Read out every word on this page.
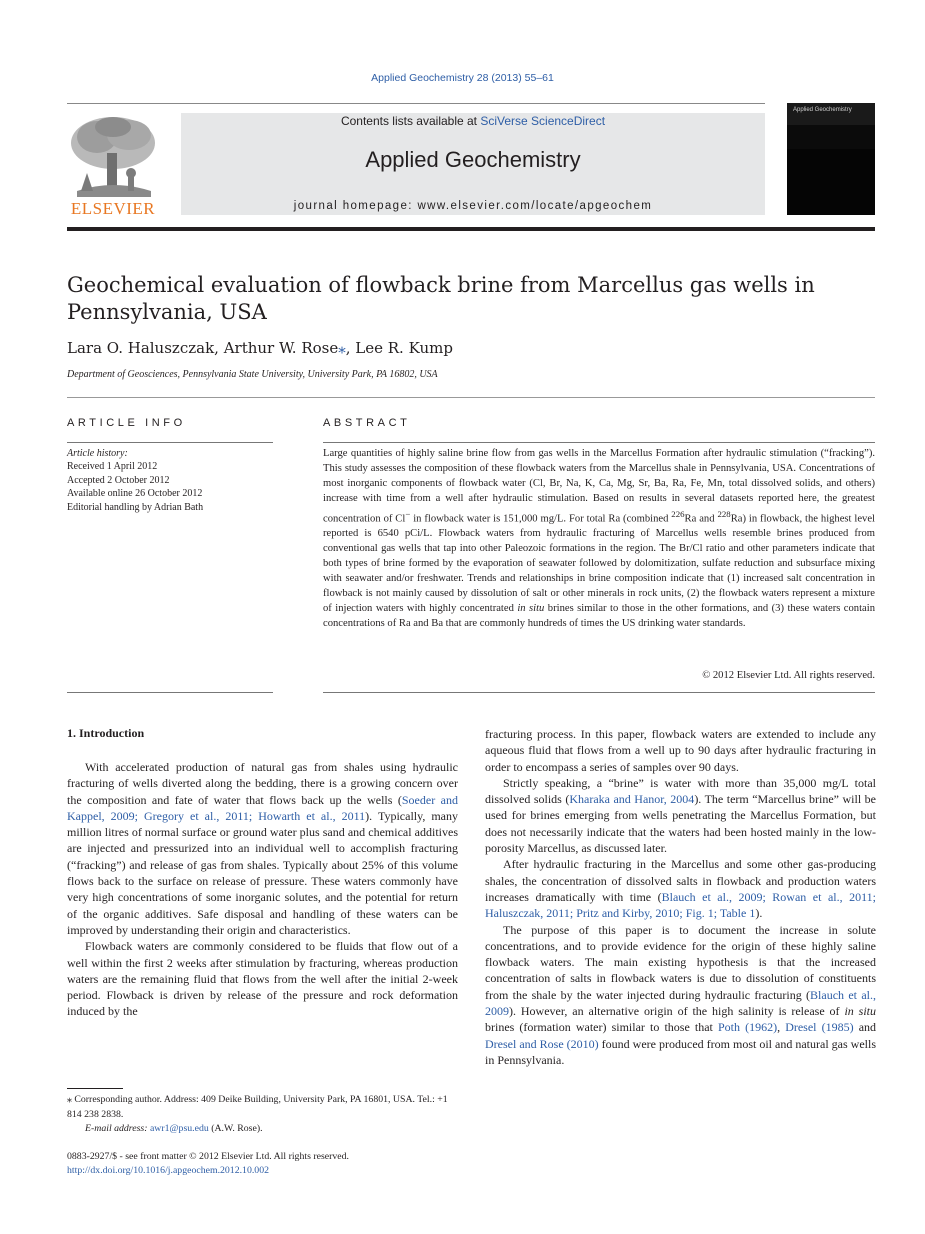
Applied Geochemistry 28 (2013) 55–61
ELSEVIER
Contents lists available at SciVerse ScienceDirect
Applied Geochemistry
journal homepage: www.elsevier.com/locate/apgeochem
Applied Geochemistry
Geochemical evaluation of flowback brine from Marcellus gas wells in Pennsylvania, USA
Lara O. Haluszczak, Arthur W. Rose⁎, Lee R. Kump
Department of Geosciences, Pennsylvania State University, University Park, PA 16802, USA
ARTICLE INFO	ABSTRACT
Article history:
Received 1 April 2012
Accepted 2 October 2012
Available online 26 October 2012
Editorial handling by Adrian Bath

Large quantities of highly saline brine flow from gas wells in the Marcellus Formation after hydraulic stimulation (“fracking”). This study assesses the composition of these flowback waters from the Marcellus shale in Pennsylvania, USA. Concentrations of most inorganic components of flowback water (Cl, Br, Na, K, Ca, Mg, Sr, Ba, Ra, Fe, Mn, total dissolved solids, and others) increase with time from a well after hydraulic stimulation. Based on results in several datasets reported here, the greatest concentration of Cl− in flowback water is 151,000 mg/L. For total Ra (combined $^{226}$Ra and $^{228}$Ra) in flowback, the highest level reported is 6540 pCi/L. Flowback waters from hydraulic fracturing of Marcellus wells resemble brines produced from conventional gas wells that tap into other Paleozoic formations in the region. The Br/Cl ratio and other parameters indicate that both types of brine formed by the evaporation of seawater followed by dolomitization, sulfate reduction and subsurface mixing with seawater and/or freshwater. Trends and relationships in brine composition indicate that (1) increased salt concentration in flowback is not mainly caused by dissolution of salt or other minerals in rock units, (2) the flowback waters represent a mixture of injection waters with highly concentrated in situ brines similar to those in the other formations, and (3) these waters contain concentrations of Ra and Ba that are commonly hundreds of times the US drinking water standards.

© 2012 Elsevier Ltd. All rights reserved.
1. Introduction

With accelerated production of natural gas from shales using hydraulic fracturing of wells diverted along the bedding, there is a growing concern over the composition and fate of water that flows back up the wells (Soeder and Kappel, 2009; Gregory et al., 2011; Howarth et al., 2011). Typically, many million litres of normal surface or ground water plus sand and chemical additives are injected and pressurized into an individual well to accomplish fracturing (“fracking”) and release of gas from shales. Typically about 25% of this volume flows back to the surface on release of pressure. These waters commonly have very high concentrations of some inorganic solutes, and the potential for return of the organic additives. Safe disposal and handling of these waters can be improved by understanding their origin and characteristics.

Flowback waters are commonly considered to be fluids that flow out of a well within the first 2 weeks after stimulation by fracturing, whereas production waters are the remaining fluid that flows from the well after the initial 2-week period. Flowback is driven by release of the pressure and rock deformation induced by the

fracturing process. In this paper, flowback waters are extended to include any aqueous fluid that flows from a well up to 90 days after hydraulic fracturing in order to encompass a series of samples over 90 days.

Strictly speaking, a “brine” is water with more than 35,000 mg/L total dissolved solids (Kharaka and Hanor, 2004). The term “Marcellus brine” will be used for brines emerging from wells penetrating the Marcellus Formation, but does not necessarily indicate that the waters had been hosted mainly in the low-porosity Marcellus, as discussed later.

After hydraulic fracturing in the Marcellus and some other gas-producing shales, the concentration of dissolved salts in flowback and production waters increases dramatically with time (Blauch et al., 2009; Rowan et al., 2011; Haluszczak, 2011; Pritz and Kirby, 2010; Fig. 1; Table 1).

The purpose of this paper is to document the increase in solute concentrations, and to provide evidence for the origin of these highly saline flowback waters. The main existing hypothesis is that the increased concentration of salts in flowback waters is due to dissolution of constituents from the shale by the water injected during hydraulic fracturing (Blauch et al., 2009). However, an alternative origin of the high salinity is release of in situ brines (formation water) similar to those that Poth (1962), Dresel (1985) and Dresel and Rose (2010) found were produced from most oil and natural gas wells in Pennsylvania.

⁎ Corresponding author. Address: 409 Deike Building, University Park, PA 16801, USA. Tel.: +1 814 238 2838.
E-mail address: awr1@psu.edu (A.W. Rose).
0883-2927/$ - see front matter © 2012 Elsevier Ltd. All rights reserved.
http://dx.doi.org/10.1016/j.apgeochem.2012.10.002
